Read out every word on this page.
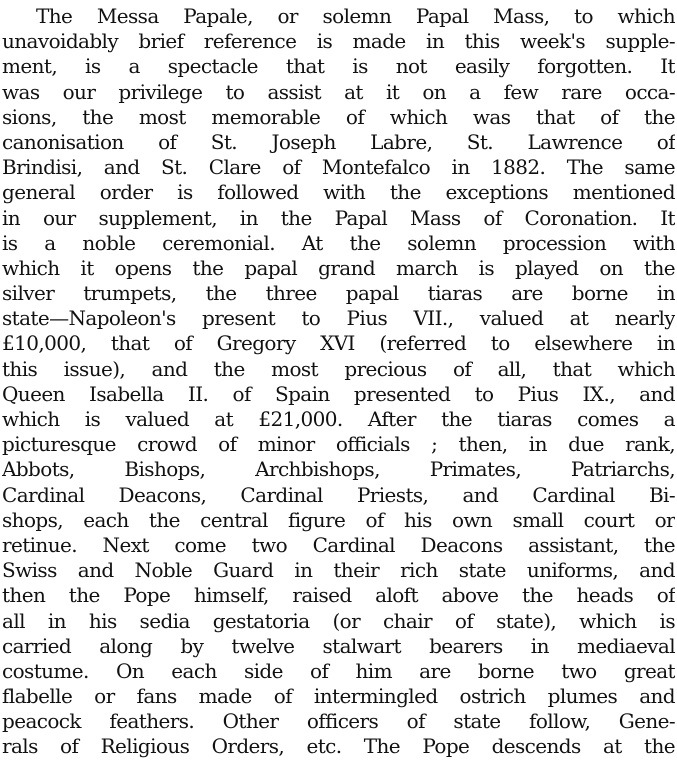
The Messa Papale, or solemn Papal Mass, to which
unavoidably brief reference is made in this week's supple-
ment, is a spectacle that is not easily forgotten. It
was our privilege to assist at it on a few rare occa-
sions, the most memorable of which was that of the
canonisation of St. Joseph Labre, St. Lawrence of
Brindisi, and St. Clare of Montefalco in 1882. The same
general order is followed with the exceptions mentioned
in our supplement, in the Papal Mass of Coronation. It
is a noble ceremonial. At the solemn procession with
which it opens the papal grand march is played on the
silver trumpets, the three papal tiaras are borne in
state—Napoleon's present to Pius VII., valued at nearly
£10,000, that of Gregory XVI (referred to elsewhere in
this issue), and the most precious of all, that which
Queen Isabella II. of Spain presented to Pius IX., and
which is valued at £21,000. After the tiaras comes a
picturesque crowd of minor officials ; then, in due rank,
Abbots, Bishops, Archbishops, Primates, Patriarchs,
Cardinal Deacons, Cardinal Priests, and Cardinal Bi-
shops, each the central figure of his own small court or
retinue. Next come two Cardinal Deacons assistant, the
Swiss and Noble Guard in their rich state uniforms, and
then the Pope himself, raised aloft above the heads of
all in his sedia gestatoria (or chair of state), which is
carried along by twelve stalwart bearers in mediaeval
costume. On each side of him are borne two great
flabelle or fans made of intermingled ostrich plumes and
peacock feathers. Other officers of state follow, Gene-
rals of Religious Orders, etc. The Pope descends at the
